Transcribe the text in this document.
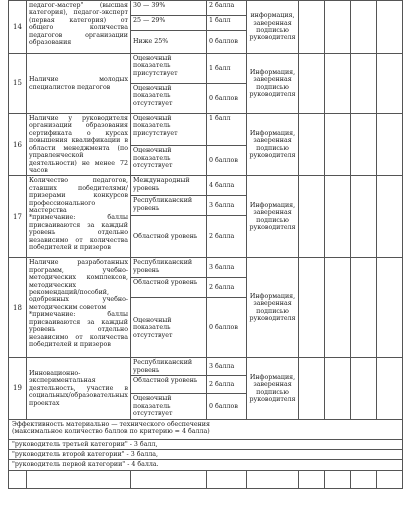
14	педагог-мастер" (высшая категория), педагог-эксперт (первая категория) от общего количества педагогов организации образования	30 — 39%	2 балла	информация, заверенная подписью руководителя				
		25 — 29%	1 балл					
		Ниже 25%	0 баллов					
15	Наличие молодых специалистов педагогов	Оценочный показатель присутствует	1 балл	Информация, заверенная подписью руководителя				
		Оценочный показатель отсутствует	0 баллов					
16	Наличие у руководителя организации образования сертификата о курсах повышения квалификации в области менеджмента (по управленческой деятельности) не менее 72 часов	Оценочный показатель присутствует	1 балл	Информация, заверенная подписью руководителя				
		Оценочный показатель отсутствует	0 баллов					
17	Количество педагогов, ставших победителями/призерами конкурсов профессионального мастерства
*примечание: баллы присваиваются за каждый уровень отдельно независимо от количества победителей и призеров	Международный уровень	4 балла	Информация, заверенная подписью руководителя				
		Республиканский уровень	3 балла					
		Областной уровень	2 балла					
18	Наличие разработанных программ, учебно-методических комплексов, методических рекомендаций/пособий, одобренных учебно-методическим советом
*примечание: баллы присваиваются за каждый уровень отдельно независимо от количества победителей и призеров	Республиканский уровень	3 балла	Информация, заверенная подписью руководителя				
		Областной уровень	2 балла					
		Оценочный показатель отсутствует	0 баллов					
19	Инновационно-экспериментальная деятельность, участие в социальных/образовательных проектах	Республиканский уровень	3 балла	Информация, заверенная подписью руководителя				
		Областной уровень	2 балла					
		Оценочный показатель отсутствует	0 баллов					

Эффективность материально — технического обеспечения
(максимальное количество баллов по критерию = 4 балла)								

"руководитель третьей категории" - 3 балл,								
"руководитель второй категории" - 3 балла,								
"руководитель первой категории" - 4 балла.								
